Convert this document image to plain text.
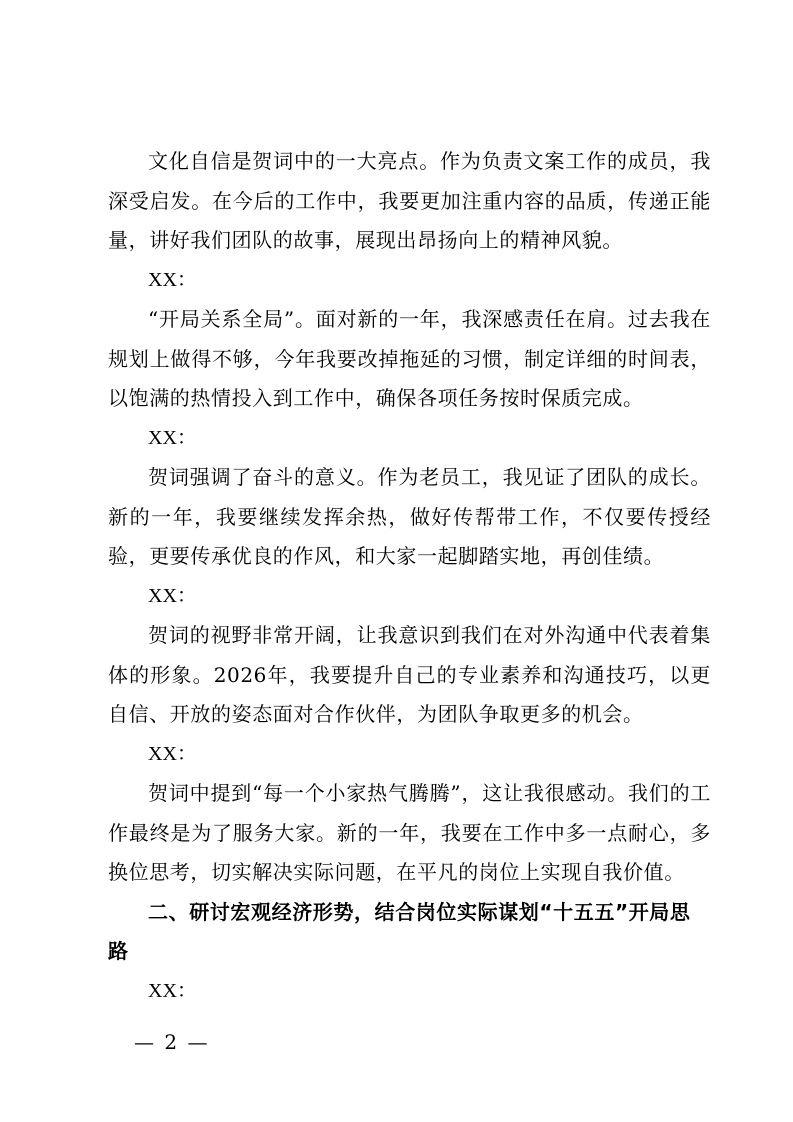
文化自信是贺词中的一大亮点。作为负责文案工作的成员，我深受启发。在今后的工作中，我要更加注重内容的品质，传递正能量，讲好我们团队的故事，展现出昂扬向上的精神风貌。

XX：

“开局关系全局”。面对新的一年，我深感责任在肩。过去我在规划上做得不够，今年我要改掉拖延的习惯，制定详细的时间表，以饱满的热情投入到工作中，确保各项任务按时保质完成。

XX：

贺词强调了奋斗的意义。作为老员工，我见证了团队的成长。新的一年，我要继续发挥余热，做好传帮带工作，不仅要传授经验，更要传承优良的作风，和大家一起脚踏实地，再创佳绩。

XX：

贺词的视野非常开阔，让我意识到我们在对外沟通中代表着集体的形象。2026年，我要提升自己的专业素养和沟通技巧，以更自信、开放的姿态面对合作伙伴，为团队争取更多的机会。

XX：

贺词中提到“每一个小家热气腾腾”，这让我很感动。我们的工作最终是为了服务大家。新的一年，我要在工作中多一点耐心，多换位思考，切实解决实际问题，在平凡的岗位上实现自我价值。

二、研讨宏观经济形势，结合岗位实际谋划“十五五”开局思路

XX：

— 2 —
